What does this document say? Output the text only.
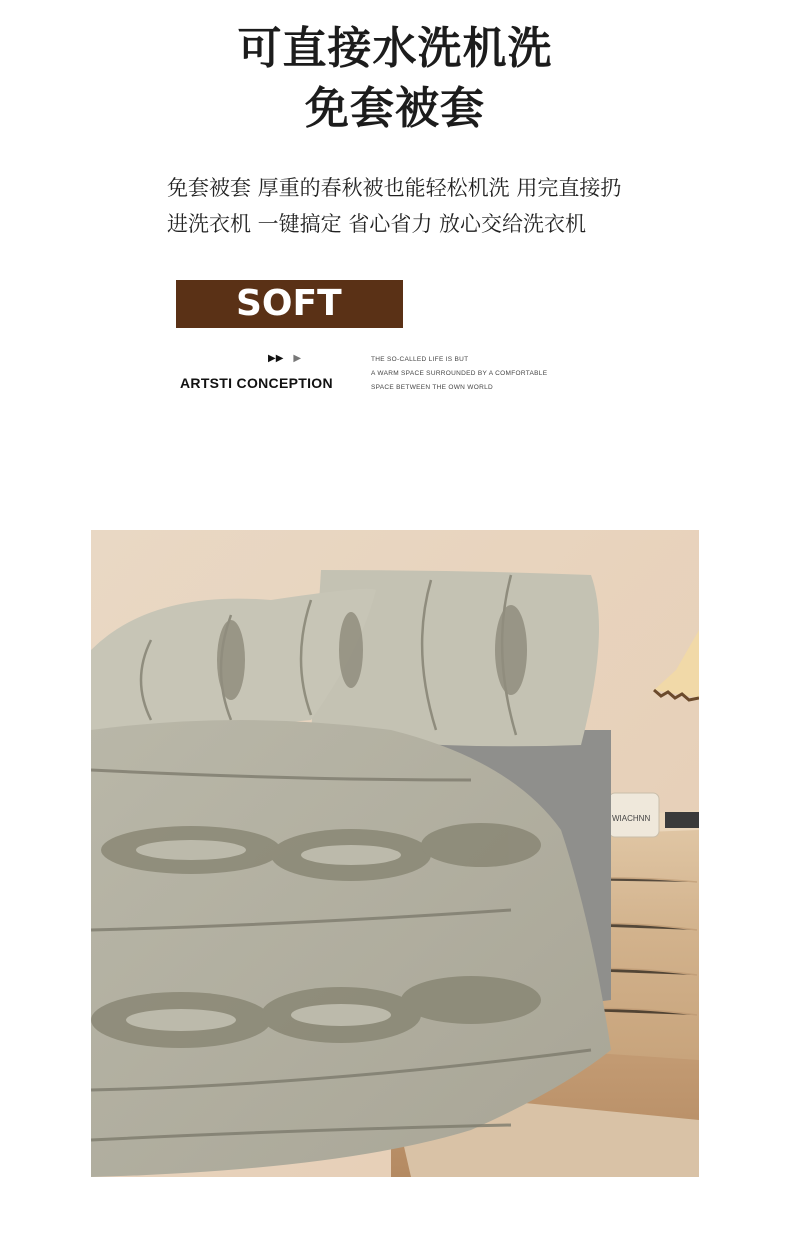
可直接水洗机洗
免套被套
免套被套 厚重的春秋被也能轻松机洗 用完直接扔
进洗衣机 一键搞定 省心省力 放心交给洗衣机
SOFT
▶▶ ▶
ARTSTI CONCEPTION
THE SO-CALLED LIFE IS BUT
A WARM SPACE SURROUNDED BY A COMFORTABLE
SPACE BETWEEN THE OWN WORLD
WIACHNN
